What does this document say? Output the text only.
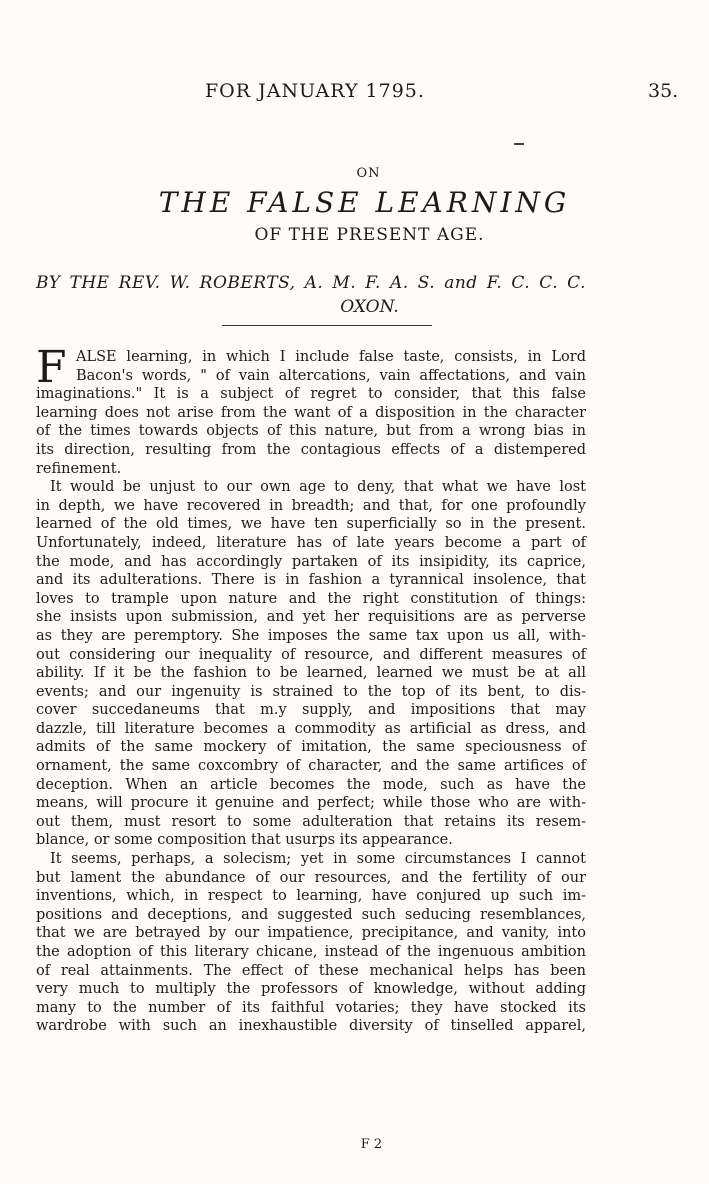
FOR JANUARY 1795.	35.
ON
THE FALSE LEARNING
OF THE PRESENT AGE.
BY THE REV. W. ROBERTS, A. M. F. A. S. and F. C. C. C.
OXON.
F ALSE learning, in which I include false taste, consists, in Lord
Bacon's words, " of vain altercations, vain affectations, and vain
imaginations." It is a subject of regret to consider, that this false
learning does not arise from the want of a disposition in the character
of the times towards objects of this nature, but from a wrong bias in
its direction, resulting from the contagious effects of a distempered
refinement.
It would be unjust to our own age to deny, that what we have lost
in depth, we have recovered in breadth; and that, for one profoundly
learned of the old times, we have ten superficially so in the present.
Unfortunately, indeed, literature has of late years become a part of
the mode, and has accordingly partaken of its insipidity, its caprice,
and its adulterations. There is in fashion a tyrannical insolence, that
loves to trample upon nature and the right constitution of things:
she insists upon submission, and yet her requisitions are as perverse
as they are peremptory. She imposes the same tax upon us all, with-
out considering our inequality of resource, and different measures of
ability. If it be the fashion to be learned, learned we must be at all
events; and our ingenuity is strained to the top of its bent, to dis-
cover succedaneums that m.y supply, and impositions that may
dazzle, till literature becomes a commodity as artificial as dress, and
admits of the same mockery of imitation, the same speciousness of
ornament, the same coxcombry of character, and the same artifices of
deception. When an article becomes the mode, such as have the
means, will procure it genuine and perfect; while those who are with-
out them, must resort to some adulteration that retains its resem-
blance, or some composition that usurps its appearance.
It seems, perhaps, a solecism; yet in some circumstances I cannot
but lament the abundance of our resources, and the fertility of our
inventions, which, in respect to learning, have conjured up such im-
positions and deceptions, and suggested such seducing resemblances,
that we are betrayed by our impatience, precipitance, and vanity, into
the adoption of this literary chicane, instead of the ingenuous ambition
of real attainments. The effect of these mechanical helps has been
very much to multiply the professors of knowledge, without adding
many to the number of its faithful votaries; they have stocked its
wardrobe with such an inexhaustible diversity of tinselled apparel,
F 2
